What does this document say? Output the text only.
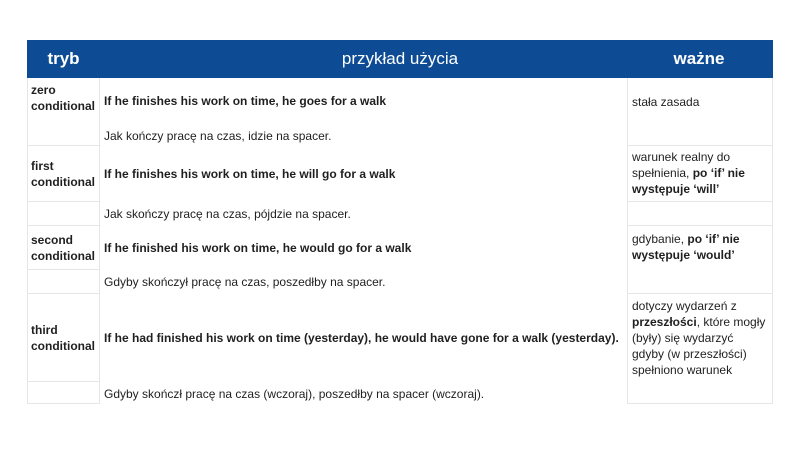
tryb	przykład użycia	ważne
zero conditional If he finishes his work on time, he goes for a walk
Jak kończy pracę na czas, idzie na spacer.
stała zasada
first conditional
If he finishes his work on time, he will go for a walk
warunek realny do spełnienia, po ‘if’ nie występuje ‘will’
Jak skończy pracę na czas, pójdzie na spacer.
second conditional
If he finished his work on time, he would go for a walk
gdybanie, po ‘if’ nie występuje ‘would’
Gdyby skończył pracę na czas, poszedłby na spacer.
third conditional
If he had finished his work on time (yesterday), he would have gone for a walk (yesterday).
dotyczy wydarzeń z przeszłości, które mogły (były) się wydarzyć gdyby (w przeszłości) spełniono warunek
Gdyby skończł pracę na czas (wczoraj), poszedłby na spacer (wczoraj).
